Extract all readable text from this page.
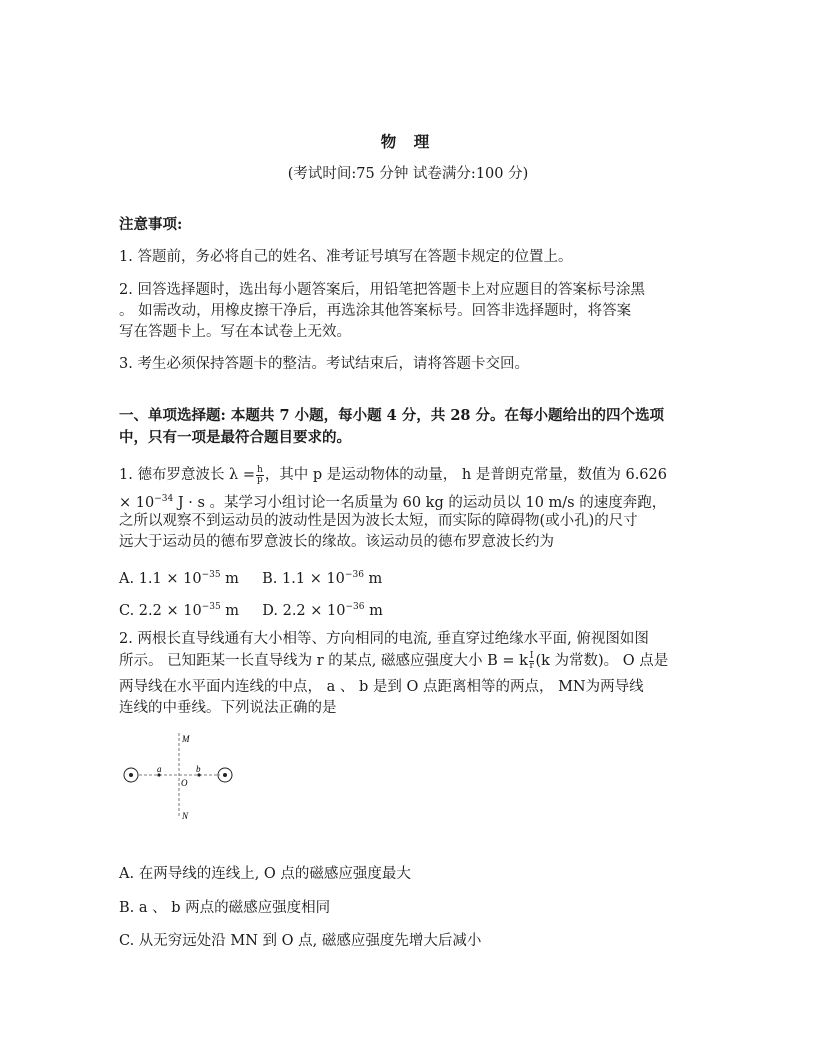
物 理
(考试时间:75 分钟 试卷满分:100 分)
注意事项:
1. 答题前，务必将自己的姓名、准考证号填写在答题卡规定的位置上。
2. 回答选择题时，选出每小题答案后，用铅笔把答题卡上对应题目的答案标号涂黑
。 如需改动，用橡皮擦干净后，再选涂其他答案标号。回答非选择题时，将答案
写在答题卡上。写在本试卷上无效。
3. 考生必须保持答题卡的整洁。考试结束后，请将答题卡交回。
一、单项选择题: 本题共 7 小题，每小题 4 分，共 28 分。在每小题给出的四个选项
中，只有一项是最符合题目要求的。
1. 德布罗意波长 $\lambda = \frac{h}{p}$ ，其中 p 是运动物体的动量， h 是普朗克常量，数值为 6.626
× $10^{-34}$ J · s 。某学习小组讨论一名质量为 60 kg 的运动员以 10 m/s 的速度奔跑，
之所以观察不到运动员的波动性是因为波长太短，而实际的障碍物(或小孔)的尺寸
远大于运动员的德布罗意波长的缘故。该运动员的德布罗意波长约为
A. $1.1 \times 10^{-35}$ m B. $1.1 \times 10^{-36}$ m
C. $2.2 \times 10^{-35}$ m D. $2.2 \times 10^{-36}$ m
2. 两根长直导线通有大小相等、方向相同的电流, 垂直穿过绝缘水平面, 俯视图如图
所示。 已知距某一长直导线为 r 的某点, 磁感应强度大小 B = k $\frac{I}{r} (k$ 为常数)。 O 点是
两导线在水平面内连线的中点， a 、 b 是到 O 点距离相等的两点， MN为两导线
连线的中垂线。下列说法正确的是
M
N
O
a	b
A. 在两导线的连线上, O 点的磁感应强度最大
B. a 、 b 两点的磁感应强度相同
C. 从无穷远处沿 MN 到 O 点, 磁感应强度先增大后减小
